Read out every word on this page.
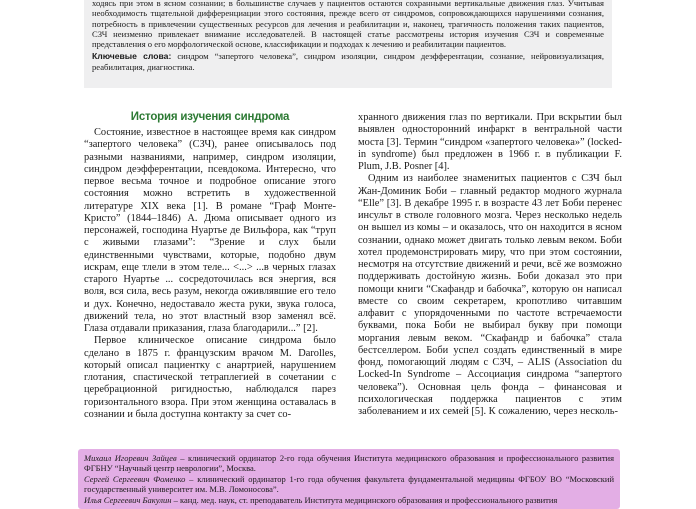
ходясь при этом в ясном сознании; в большинстве случаев у пациентов остаются сохранными вертикальные движения глаз. Учитывая необходимость тщательной дифференциации этого состояния, прежде всего от синдромов, сопровождающихся нарушениями сознания, потребность в привлечении существенных ресурсов для лечения и реабилитации и, наконец, трагичность положения таких пациентов, СЗЧ неизменно привлекает внимание исследователей. В настоящей статье рассмотрены история изучения СЗЧ и современные представления о его морфологической основе, классификации и подходах к лечению и реабилитации пациентов.

Ключевые слова: синдром “запертого человека”, синдром изоляции, синдром деэфферентации, сознание, нейровизуализация, реабилитация, диагностика.

История изучения синдрома

Состояние, известное в настоящее время как синдром “запертого человека” (СЗЧ), ранее описывалось под разными названиями, например, синдром изоляции, синдром деэфферентации, псевдокома. Интересно, что первое весьма точное и подробное описание этого состояния можно встретить в художественной литературе XIX века [1]. В романе “Граф Монте-Кристо” (1844–1846) А. Дюма описывает одного из персонажей, господина Нуартье де Вильфора, как “труп с живыми глазами”: “Зрение и слух были единственными чувствами, которые, подобно двум искрам, еще тлели в этом теле... <...> ...в черных глазах старого Нуартье ... сосредоточилась вся энергия, вся воля, вся сила, весь разум, некогда оживлявшие его тело и дух. Конечно, недоставало жеста руки, звука голоса, движений тела, но этот властный взор заменял всё. Глаза отдавали приказания, глаза благодарили...” [2].

Первое клиническое описание синдрома было сделано в 1875 г. французским врачом M. Darolles, который описал пациентку с анартрией, нарушением глотания, спастической тетраплегией в сочетании с церебрационной ригидностью, наблюдался парез горизонтального взора. При этом женщина оставалась в сознании и была доступна контакту за счет со-

хранного движения глаз по вертикали. При вскрытии был выявлен односторонний инфаркт в вентральной части моста [3]. Термин “синдром «запертого человека»” (locked-in syndrome) был предложен в 1966 г. в публикации F. Plum, J.B. Posner [4].

Одним из наиболее знаменитых пациентов с СЗЧ был Жан-Доминик Боби – главный редактор модного журнала “Elle” [3]. В декабре 1995 г. в возрасте 43 лет Боби перенес инсульт в стволе головного мозга. Через несколько недель он вышел из комы – и оказалось, что он находится в ясном сознании, однако может двигать только левым веком. Боби хотел продемонстрировать миру, что при этом состоянии, несмотря на отсутствие движений и речи, всё же возможно поддерживать достойную жизнь. Боби доказал это при помощи книги “Скафандр и бабочка”, которую он написал вместе со своим секретарем, кропотливо читавшим алфавит с упорядоченными по частоте встречаемости буквами, пока Боби не выбирал букву при помощи моргания левым веком. “Скафандр и бабочка” стала бестселлером. Боби успел создать единственный в мире фонд, помогающий людям с СЗЧ, – ALIS (Association du Locked-In Syndrome – Ассоциация синдрома “запертого человека”). Основная цель фонда – финансовая и психологическая поддержка пациентов с этим заболеванием и их семей [5]. К сожалению, через несколь-

Михаил Игоревич Зайцев – клинический ординатор 2-го года обучения Института медицинского образования и профессионального развития ФГБНУ “Научный центр неврологии”, Москва.

Сергей Сергеевич Фоменко – клинический ординатор 1-го года обучения факультета фундаментальной медицины ФГБОУ ВО “Московский государственный университет им. М.В. Ломоносова”.

Илья Сергеевич Бакулин – канд. мед. наук, ст. преподаватель Института медицинского образования и профессионального развития
